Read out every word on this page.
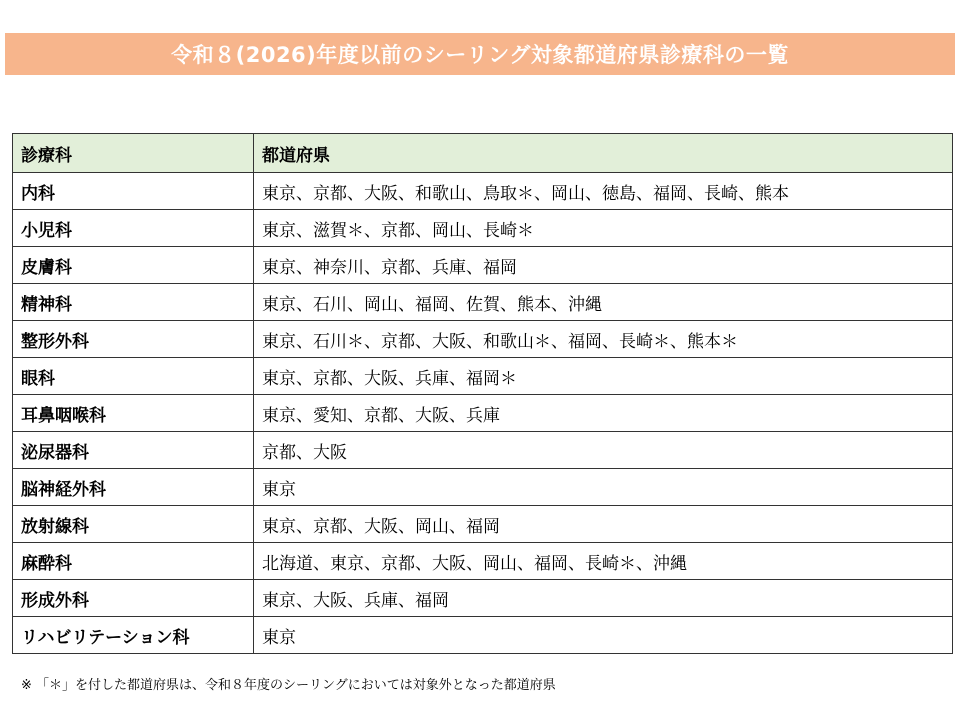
令和８(2026)年度以前のシーリング対象都道府県診療科の一覧
診療科	都道府県
内科	東京、京都、大阪、和歌山、鳥取＊、岡山、徳島、福岡、長崎、熊本
小児科	東京、滋賀＊、京都、岡山、長崎＊
皮膚科	東京、神奈川、京都、兵庫、福岡
精神科	東京、石川、岡山、福岡、佐賀、熊本、沖縄
整形外科	東京、石川＊、京都、大阪、和歌山＊、福岡、長崎＊、熊本＊
眼科	東京、京都、大阪、兵庫、福岡＊
耳鼻咽喉科	東京、愛知、京都、大阪、兵庫
泌尿器科	京都、大阪
脳神経外科	東京
放射線科	東京、京都、大阪、岡山、福岡
麻酔科	北海道、東京、京都、大阪、岡山、福岡、長崎＊、沖縄
形成外科	東京、大阪、兵庫、福岡
リハビリテーション科	東京
※ 「＊」を付した都道府県は、令和８年度のシーリングにおいては対象外となった都道府県
